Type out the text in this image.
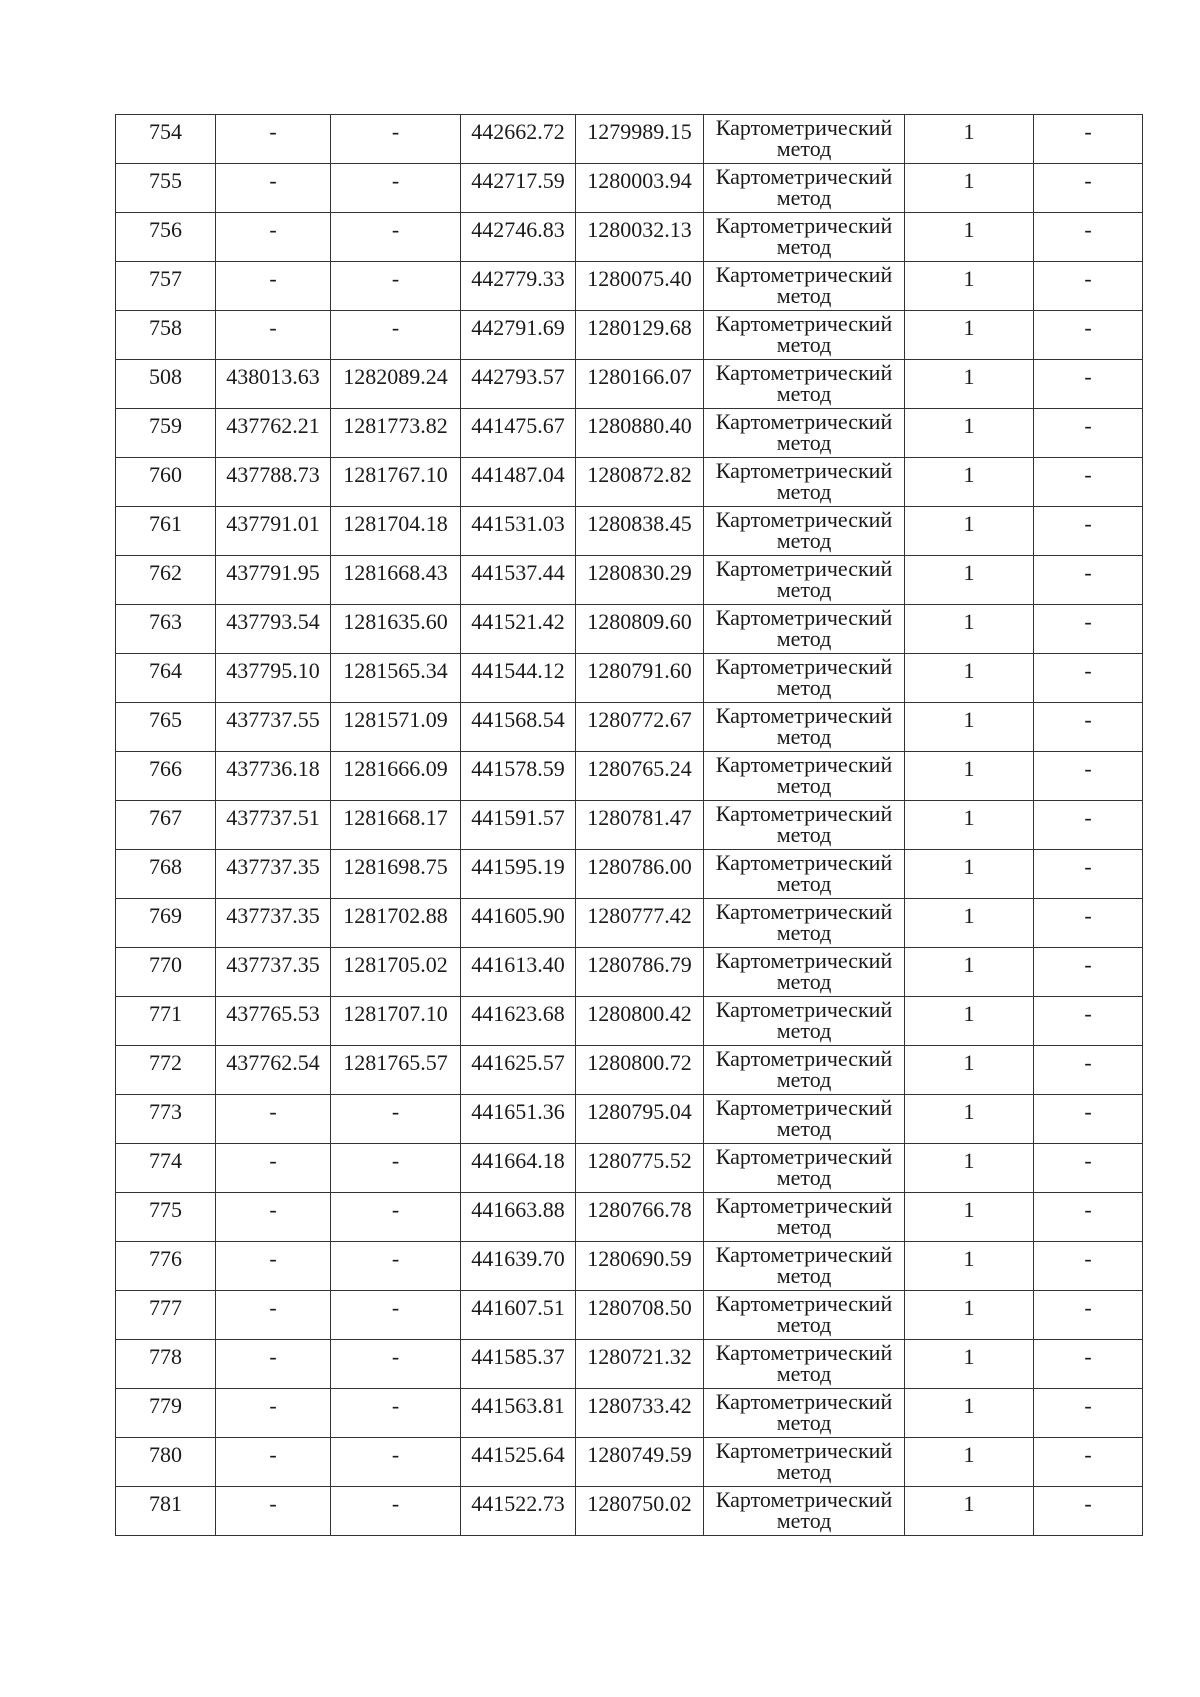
754	-	-	442662.72	1279989.15	Картометрический метод	1	-

755	-	-	442717.59	1280003.94	Картометрический метод	1	-

756	-	-	442746.83	1280032.13	Картометрический метод	1	-

757	-	-	442779.33	1280075.40	Картометрический метод	1	-

758	-	-	442791.69	1280129.68	Картометрический метод	1	-

508	438013.63	1282089.24	442793.57	1280166.07	Картометрический метод	1	-

759	437762.21	1281773.82	441475.67	1280880.40	Картометрический метод	1	-

760	437788.73	1281767.10	441487.04	1280872.82	Картометрический метод	1	-

761	437791.01	1281704.18	441531.03	1280838.45	Картометрический метод	1	-

762	437791.95	1281668.43	441537.44	1280830.29	Картометрический метод	1	-

763	437793.54	1281635.60	441521.42	1280809.60	Картометрический метод	1	-

764	437795.10	1281565.34	441544.12	1280791.60	Картометрический метод	1	-

765	437737.55	1281571.09	441568.54	1280772.67	Картометрический метод	1	-

766	437736.18	1281666.09	441578.59	1280765.24	Картометрический метод	1	-

767	437737.51	1281668.17	441591.57	1280781.47	Картометрический метод	1	-

768	437737.35	1281698.75	441595.19	1280786.00	Картометрический метод	1	-

769	437737.35	1281702.88	441605.90	1280777.42	Картометрический метод	1	-

770	437737.35	1281705.02	441613.40	1280786.79	Картометрический метод	1	-

771	437765.53	1281707.10	441623.68	1280800.42	Картометрический метод	1	-

772	437762.54	1281765.57	441625.57	1280800.72	Картометрический метод	1	-

773	-	-	441651.36	1280795.04	Картометрический метод	1	-

774	-	-	441664.18	1280775.52	Картометрический метод	1	-

775	-	-	441663.88	1280766.78	Картометрический метод	1	-

776	-	-	441639.70	1280690.59	Картометрический метод	1	-

777	-	-	441607.51	1280708.50	Картометрический метод	1	-

778	-	-	441585.37	1280721.32	Картометрический метод	1	-

779	-	-	441563.81	1280733.42	Картометрический метод	1	-

780	-	-	441525.64	1280749.59	Картометрический метод	1	-

781	-	-	441522.73	1280750.02	Картометрический метод	1	-
